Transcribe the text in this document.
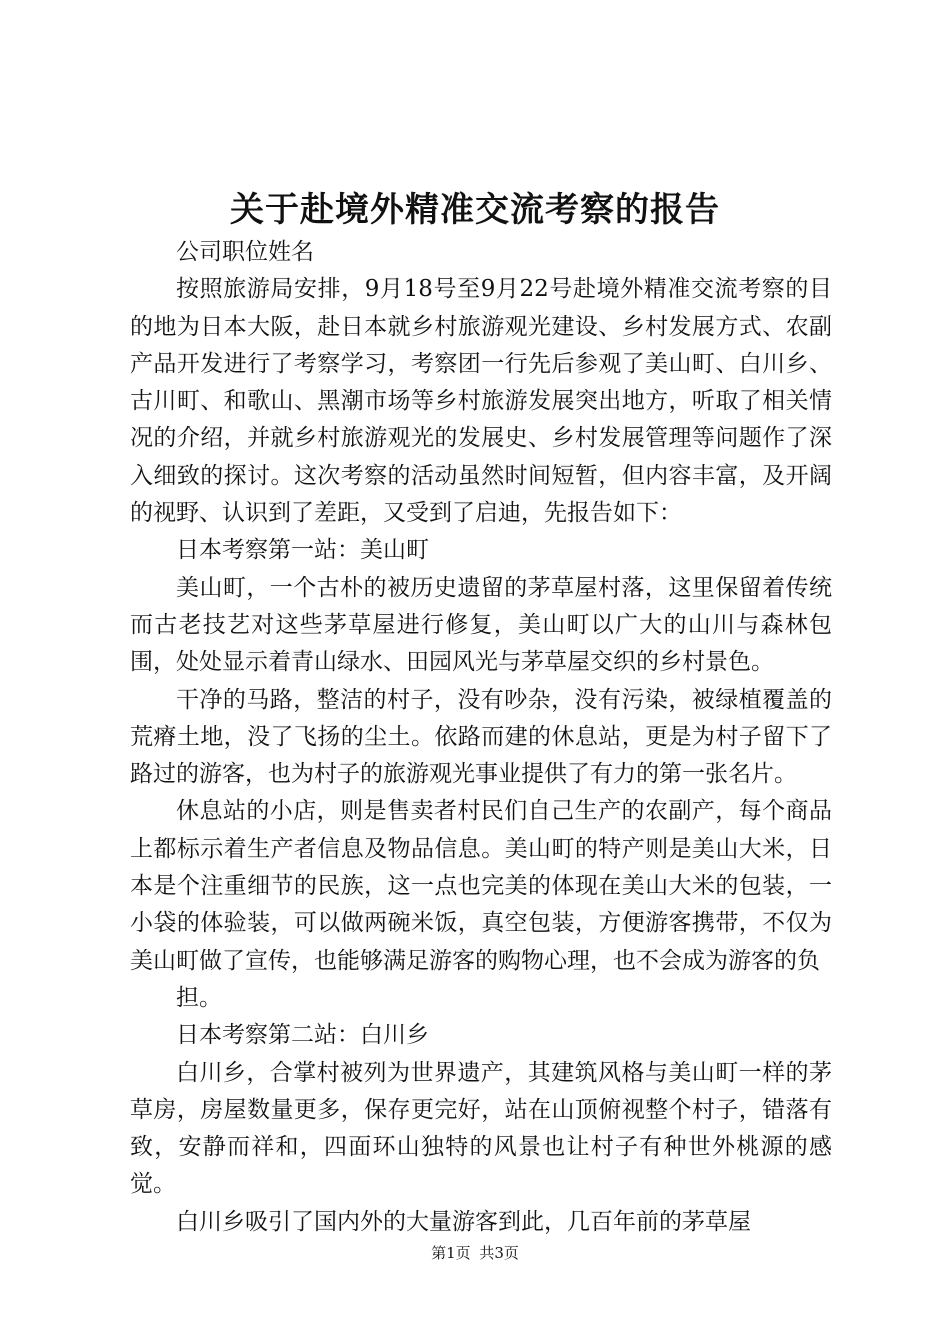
关于赴境外精准交流考察的报告

公司职位姓名

按照旅游局安排，9月18号至9月22号赴境外精准交流考察的目的地为日本大阪，赴日本就乡村旅游观光建设、乡村发展方式、农副产品开发进行了考察学习，考察团一行先后参观了美山町、白川乡、古川町、和歌山、黑潮市场等乡村旅游发展突出地方，听取了相关情况的介绍，并就乡村旅游观光的发展史、乡村发展管理等问题作了深入细致的探讨。这次考察的活动虽然时间短暂，但内容丰富，及开阔的视野、认识到了差距，又受到了启迪，先报告如下：

日本考察第一站：美山町

美山町，一个古朴的被历史遗留的茅草屋村落，这里保留着传统而古老技艺对这些茅草屋进行修复，美山町以广大的山川与森林包围，处处显示着青山绿水、田园风光与茅草屋交织的乡村景色。

干净的马路，整洁的村子，没有吵杂，没有污染，被绿植覆盖的荒瘠土地，没了飞扬的尘土。依路而建的休息站，更是为村子留下了路过的游客，也为村子的旅游观光事业提供了有力的第一张名片。

休息站的小店，则是售卖者村民们自己生产的农副产，每个商品上都标示着生产者信息及物品信息。美山町的特产则是美山大米，日本是个注重细节的民族，这一点也完美的体现在美山大米的包装，一小袋的体验装，可以做两碗米饭，真空包装，方便游客携带，不仅为美山町做了宣传，也能够满足游客的购物心理，也不会成为游客的负

担。

日本考察第二站：白川乡

白川乡，合掌村被列为世界遗产，其建筑风格与美山町一样的茅草房，房屋数量更多，保存更完好，站在山顶俯视整个村子，错落有致，安静而祥和，四面环山独特的风景也让村子有种世外桃源的感觉。

白川乡吸引了国内外的大量游客到此，几百年前的茅草屋

第1页 共3页
